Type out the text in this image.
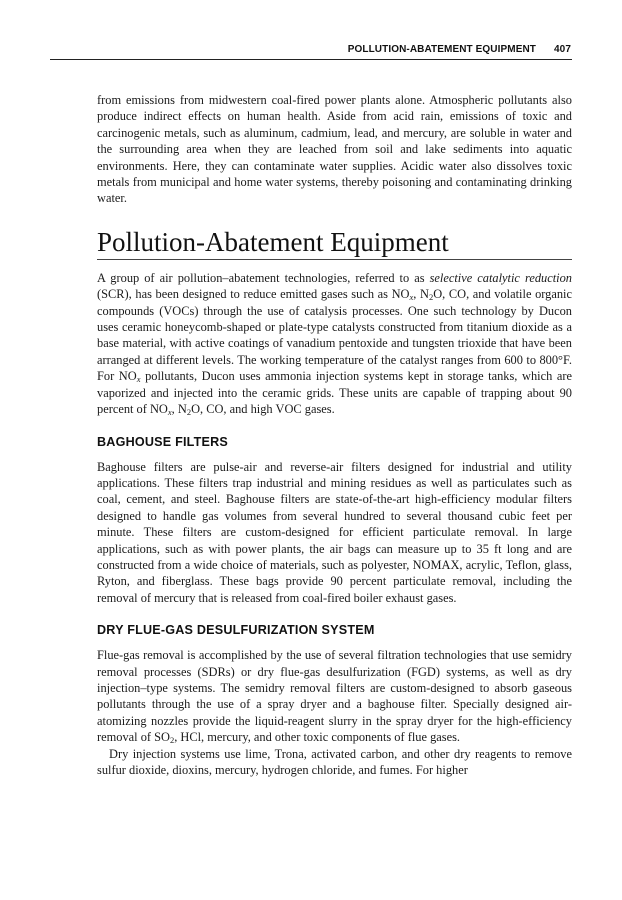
POLLUTION-ABATEMENT EQUIPMENT 407

from emissions from midwestern coal-fired power plants alone. Atmospheric pollutants also produce indirect effects on human health. Aside from acid rain, emissions of toxic and carcinogenic metals, such as aluminum, cadmium, lead, and mercury, are soluble in water and the surrounding area when they are leached from soil and lake sediments into aquatic environments. Here, they can contaminate water supplies. Acidic water also dissolves toxic metals from municipal and home water systems, thereby poisoning and contaminating drinking water.

Pollution-Abatement Equipment

A group of air pollution–abatement technologies, referred to as selective catalytic reduction (SCR), has been designed to reduce emitted gases such as $NO_x$, $N_2O$, CO, and volatile organic compounds (VOCs) through the use of catalysis processes. One such technology by Ducon uses ceramic honeycomb-shaped or plate-type catalysts constructed from titanium dioxide as a base material, with active coatings of vanadium pentoxide and tungsten trioxide that have been arranged at different levels. The working temperature of the catalyst ranges from 600 to 800°F. For $NO_x$ pollutants, Ducon uses ammonia injection systems kept in storage tanks, which are vaporized and injected into the ceramic grids. These units are capable of trapping about 90 percent of $NO_x$, $N_2O$, CO, and high VOC gases.

BAGHOUSE FILTERS

Baghouse filters are pulse-air and reverse-air filters designed for industrial and utility applications. These filters trap industrial and mining residues as well as particulates such as coal, cement, and steel. Baghouse filters are state-of-the-art high-efficiency modular filters designed to handle gas volumes from several hundred to several thousand cubic feet per minute. These filters are custom-designed for efficient particulate removal. In large applications, such as with power plants, the air bags can measure up to 35 ft long and are constructed from a wide choice of materials, such as polyester, NOMAX, acrylic, Teflon, glass, Ryton, and fiberglass. These bags provide 90 percent particulate removal, including the removal of mercury that is released from coal-fired boiler exhaust gases.

DRY FLUE-GAS DESULFURIZATION SYSTEM

Flue-gas removal is accomplished by the use of several filtration technologies that use semidry removal processes (SDRs) or dry flue-gas desulfurization (FGD) systems, as well as dry injection–type systems. The semidry removal filters are custom-designed to absorb gaseous pollutants through the use of a spray dryer and a baghouse filter. Specially designed air-atomizing nozzles provide the liquid-reagent slurry in the spray dryer for the high-efficiency removal of $SO_2$, HCl, mercury, and other toxic components of flue gases.

Dry injection systems use lime, Trona, activated carbon, and other dry reagents to remove sulfur dioxide, dioxins, mercury, hydrogen chloride, and fumes. For higher
